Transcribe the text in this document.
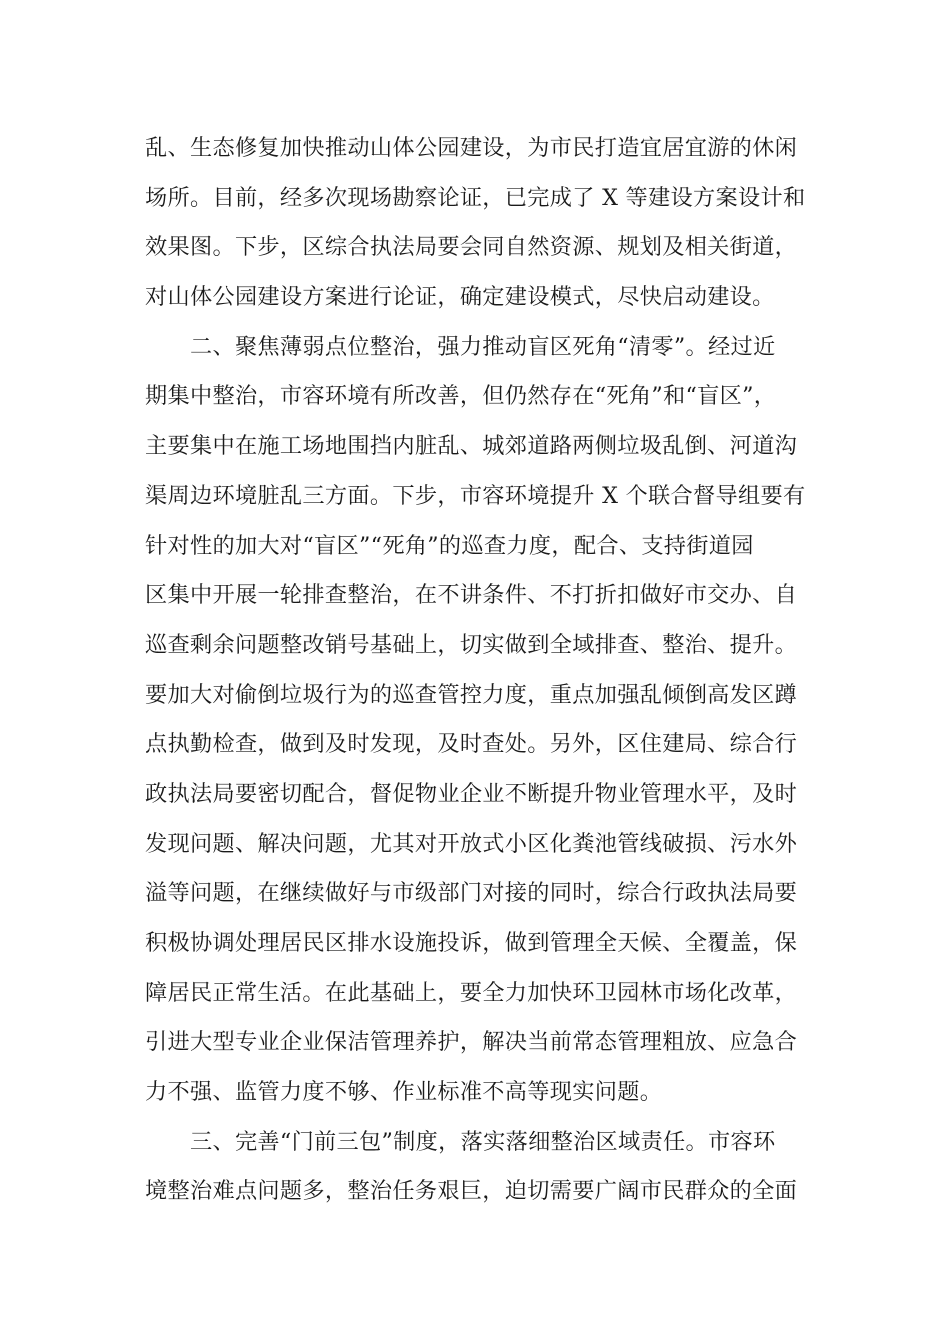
乱、生态修复加快推动山体公园建设，为市民打造宜居宜游的休闲
场所。目前，经多次现场勘察论证，已完成了 X 等建设方案设计和
效果图。下步，区综合执法局要会同自然资源、规划及相关街道，
对山体公园建设方案进行论证，确定建设模式，尽快启动建设。
　　二、聚焦薄弱点位整治，强力推动盲区死角“清零”。经过近
期集中整治，市容环境有所改善，但仍然存在“死角”和“盲区”，
主要集中在施工场地围挡内脏乱、城郊道路两侧垃圾乱倒、河道沟
渠周边环境脏乱三方面。下步，市容环境提升 X 个联合督导组要有
针对性的加大对“盲区”“死角”的巡查力度，配合、支持街道园
区集中开展一轮排查整治，在不讲条件、不打折扣做好市交办、自
巡查剩余问题整改销号基础上，切实做到全域排查、整治、提升。
要加大对偷倒垃圾行为的巡查管控力度，重点加强乱倾倒高发区蹲
点执勤检查，做到及时发现，及时查处。另外，区住建局、综合行
政执法局要密切配合，督促物业企业不断提升物业管理水平，及时
发现问题、解决问题，尤其对开放式小区化粪池管线破损、污水外
溢等问题，在继续做好与市级部门对接的同时，综合行政执法局要
积极协调处理居民区排水设施投诉，做到管理全天候、全覆盖，保
障居民正常生活。在此基础上，要全力加快环卫园林市场化改革，
引进大型专业企业保洁管理养护，解决当前常态管理粗放、应急合
力不强、监管力度不够、作业标准不高等现实问题。
　　三、完善“门前三包”制度，落实落细整治区域责任。市容环
境整治难点问题多，整治任务艰巨，迫切需要广阔市民群众的全面
